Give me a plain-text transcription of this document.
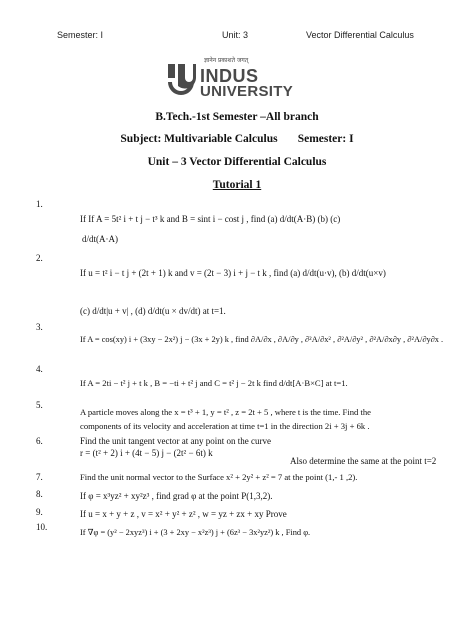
Semester: I	Unit: 3	Vector Differential Calculus
ज्ञानेन प्रकाशते जगत्
INDUS
UNIVERSITY
B.Tech.-1st Semester –All branch
Subject: Multivariable Calculus       Semester: I
Unit – 3 Vector Differential Calculus
Tutorial 1
1.
If If A = 5t² i + t j − t³ k and B = sint i − cost j , find (a) d/dt(A·B) (b) (c)
d/dt(A·A)
2.
If u = t² i − t j + (2t + 1) k and v = (2t − 3) i + j − t k , find (a) d/dt(u·v), (b) d/dt(u×v)
(c) d/dt|u + v| , (d) d/dt(u × dv/dt) at t=1.
3.
If A = cos(xy) i + (3xy − 2x²) j − (3x + 2y) k , find ∂A/∂x , ∂A/∂y , ∂²A/∂x² , ∂²A/∂y² , ∂²A/∂x∂y , ∂²A/∂y∂x .
4.
If A = 2ti − t² j + t k , B = −ti + t² j and C = t² j − 2t k find d/dt[A·B×C] at t=1.
5.
A particle moves along the x = t³ + 1, y = t² , z = 2t + 5 , where t is the time. Find the
components of its velocity and acceleration at time t=1 in the direction 2i + 3j + 6k .
6.	Find the unit tangent vector at any point on the curve
r = (t² + 2) i + (4t − 5) j − (2t² − 6t) k
Also determine the same at the point t=2
7.	Find the unit normal vector to the Surface x² + 2y² + z² = 7 at the point (1,- 1 ,2).
8.	If φ = x³yz² + xy²z³ , find grad φ at the point P(1,3,2).
9.	If u = x + y + z , v = x² + y² + z² , w = yz + zx + xy Prove
10.
If ∇φ = (y² − 2xyz³) i + (3 + 2xy − x²z³) j + (6z³ − 3x²yz²) k , Find φ.
